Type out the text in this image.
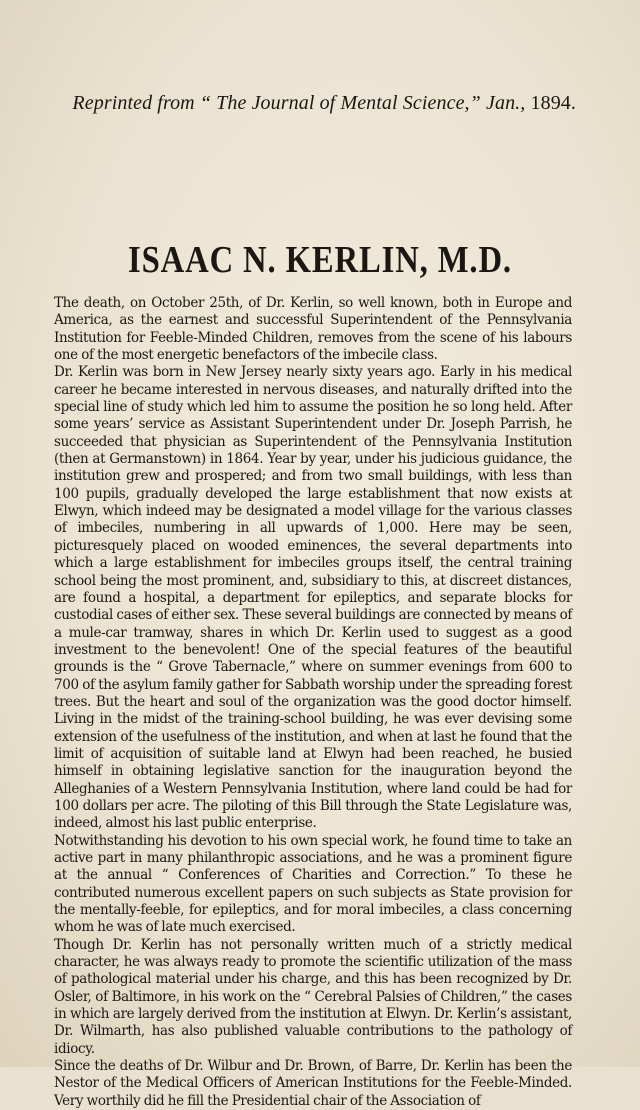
Reprinted from “ The Journal of Mental Science,” Jan., 1894.

ISAAC N. KERLIN, M.D.

The death, on October 25th, of Dr. Kerlin, so well known, both in Europe and America, as the earnest and successful Superintendent of the Pennsylvania Institution for Feeble-Minded Children, removes from the scene of his labours one of the most energetic benefactors of the imbecile class.

Dr. Kerlin was born in New Jersey nearly sixty years ago. Early in his medical career he became interested in nervous diseases, and naturally drifted into the special line of study which led him to assume the position he so long held. After some years’ service as Assistant Superintendent under Dr. Joseph Parrish, he succeeded that physician as Superintendent of the Pennsylvania Institution (then at Germanstown) in 1864. Year by year, under his judicious guidance, the institution grew and prospered; and from two small buildings, with less than 100 pupils, gradually developed the large establishment that now exists at Elwyn, which indeed may be designated a model village for the various classes of imbeciles, numbering in all upwards of 1,000. Here may be seen, picturesquely placed on wooded eminences, the several departments into which a large establishment for imbeciles groups itself, the central training school being the most prominent, and, subsidiary to this, at discreet distances, are found a hospital, a department for epileptics, and separate blocks for custodial cases of either sex. These several buildings are connected by means of a mule-car tramway, shares in which Dr. Kerlin used to suggest as a good investment to the benevolent! One of the special features of the beautiful grounds is the “ Grove Tabernacle,” where on summer evenings from 600 to 700 of the asylum family gather for Sabbath worship under the spreading forest trees. But the heart and soul of the organization was the good doctor himself. Living in the midst of the training-school building, he was ever devising some extension of the usefulness of the institution, and when at last he found that the limit of acquisition of suitable land at Elwyn had been reached, he busied himself in obtaining legislative sanction for the inauguration beyond the Alleghanies of a Western Pennsylvania Institution, where land could be had for 100 dollars per acre. The piloting of this Bill through the State Legislature was, indeed, almost his last public enterprise.

Notwithstanding his devotion to his own special work, he found time to take an active part in many philanthropic associations, and he was a prominent figure at the annual “ Conferences of Charities and Correction.” To these he contributed numerous excellent papers on such subjects as State provision for the mentally-feeble, for epileptics, and for moral imbeciles, a class concerning whom he was of late much exercised.

Though Dr. Kerlin has not personally written much of a strictly medical character, he was always ready to promote the scientific utilization of the mass of pathological material under his charge, and this has been recognized by Dr. Osler, of Baltimore, in his work on the “ Cerebral Palsies of Children,” the cases in which are largely derived from the institution at Elwyn. Dr. Kerlin’s assistant, Dr. Wilmarth, has also published valuable contributions to the pathology of idiocy.

Since the deaths of Dr. Wilbur and Dr. Brown, of Barre, Dr. Kerlin has been the Nestor of the Medical Officers of American Institutions for the Feeble-Minded. Very worthily did he fill the Presidential chair of the Association of
